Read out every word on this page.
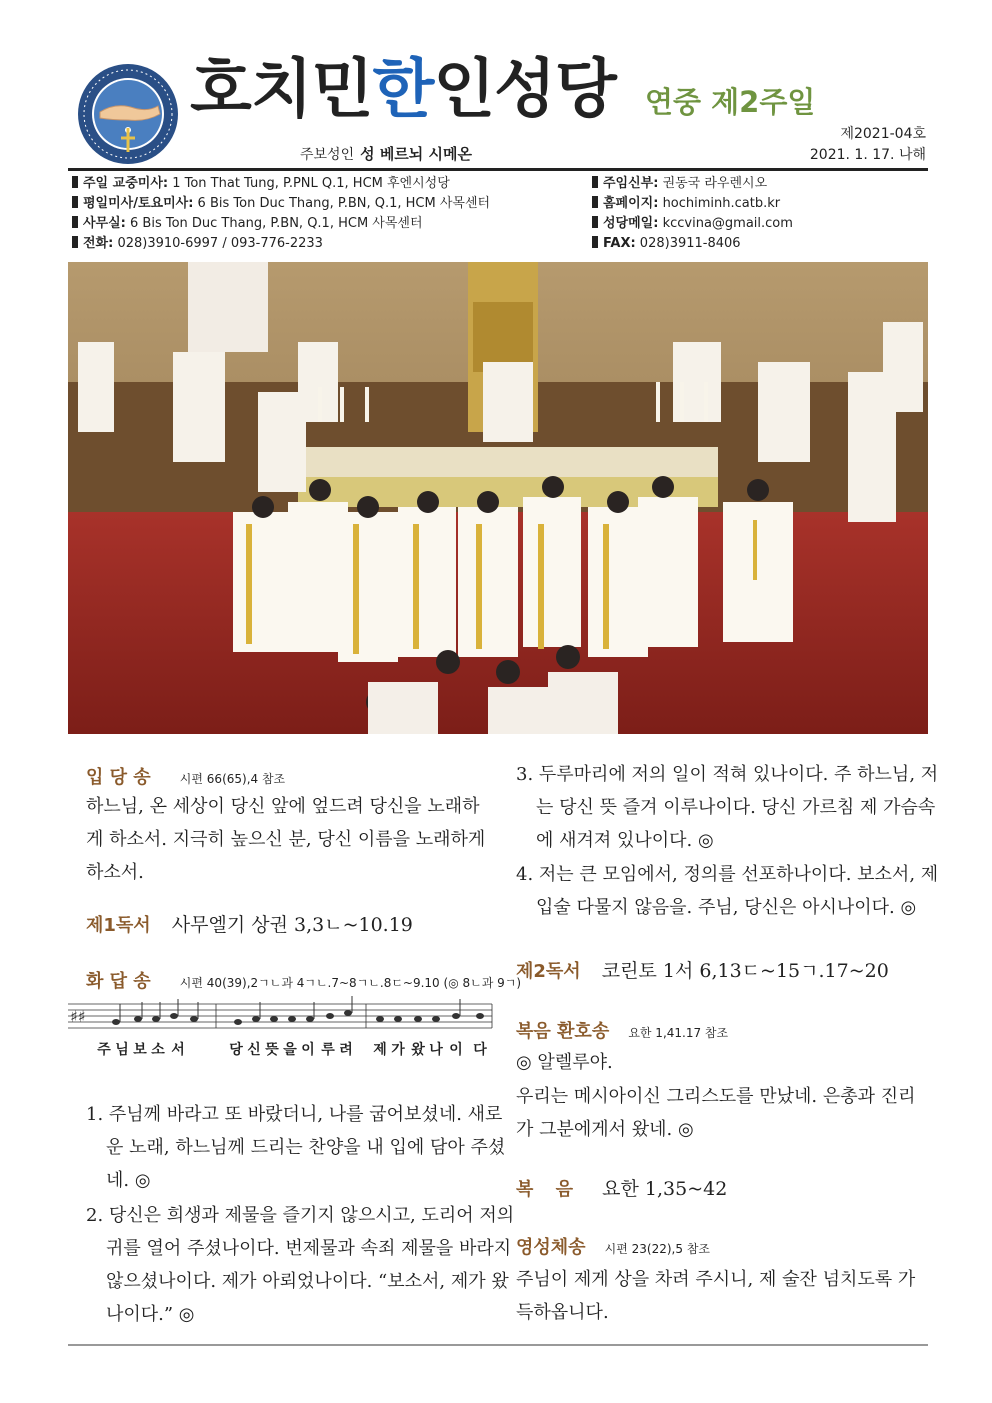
호치민한인성당 연중 제2주일
제2021-04호
2021. 1. 17. 나해
주보성인 성 베르뇌 시메온
주일 교중미사: 1 Ton That Tung, P.PNL Q.1, HCM 후엔시성당
평일미사/토요미사: 6 Bis Ton Duc Thang, P.BN, Q.1, HCM 사목센터
사무실: 6 Bis Ton Duc Thang, P.BN, Q.1, HCM 사목센터
전화: 028)3910-6997 / 093-776-2233
주임신부: 권동국 라우렌시오
홈페이지: hochiminh.catb.kr
성당메일: kccvina@gmail.com
FAX: 028)3911-8406
입 당 송 시편 66(65),4 참조
하느님, 온 세상이 당신 앞에 엎드려 당신을 노래하게 하소서. 지극히 높으신 분, 당신 이름을 노래하게 하소서.
제1독서 사무엘기 상권 3,3ㄴ~10.19
화 답 송 시편 40(39),2ㄱㄴ과 4ㄱㄴ.7~8ㄱㄴ.8ㄷ~9.10 (◎ 8ㄴ과 9ㄱ)
♯♯
주 님 보 소 서	당 신 뜻 을 이 루 려 제 가 왔 나 이 다
1. 주님께 바라고 또 바랐더니, 나를 굽어보셨네. 새로운 노래, 하느님께 드리는 찬양을 내 입에 담아 주셨네. ◎
2. 당신은 희생과 제물을 즐기지 않으시고, 도리어 저의 귀를 열어 주셨나이다. 번제물과 속죄 제물을 바라지 않으셨나이다. 제가 아뢰었나이다. “보소서, 제가 왔나이다.” ◎
3. 두루마리에 저의 일이 적혀 있나이다. 주 하느님, 저는 당신 뜻 즐겨 이루나이다. 당신 가르침 제 가슴속에 새겨져 있나이다. ◎
4. 저는 큰 모임에서, 정의를 선포하나이다. 보소서, 제 입술 다물지 않음을. 주님, 당신은 아시나이다. ◎
제2독서 코린토 1서 6,13ㄷ~15ㄱ.17~20
복음 환호송 요한 1,41.17 참조
◎ 알렐루야.
우리는 메시아이신 그리스도를 만났네. 은총과 진리가 그분에게서 왔네. ◎
복 음 요한 1,35~42
영성체송 시편 23(22),5 참조
주님이 제게 상을 차려 주시니, 제 술잔 넘치도록 가득하옵니다.
